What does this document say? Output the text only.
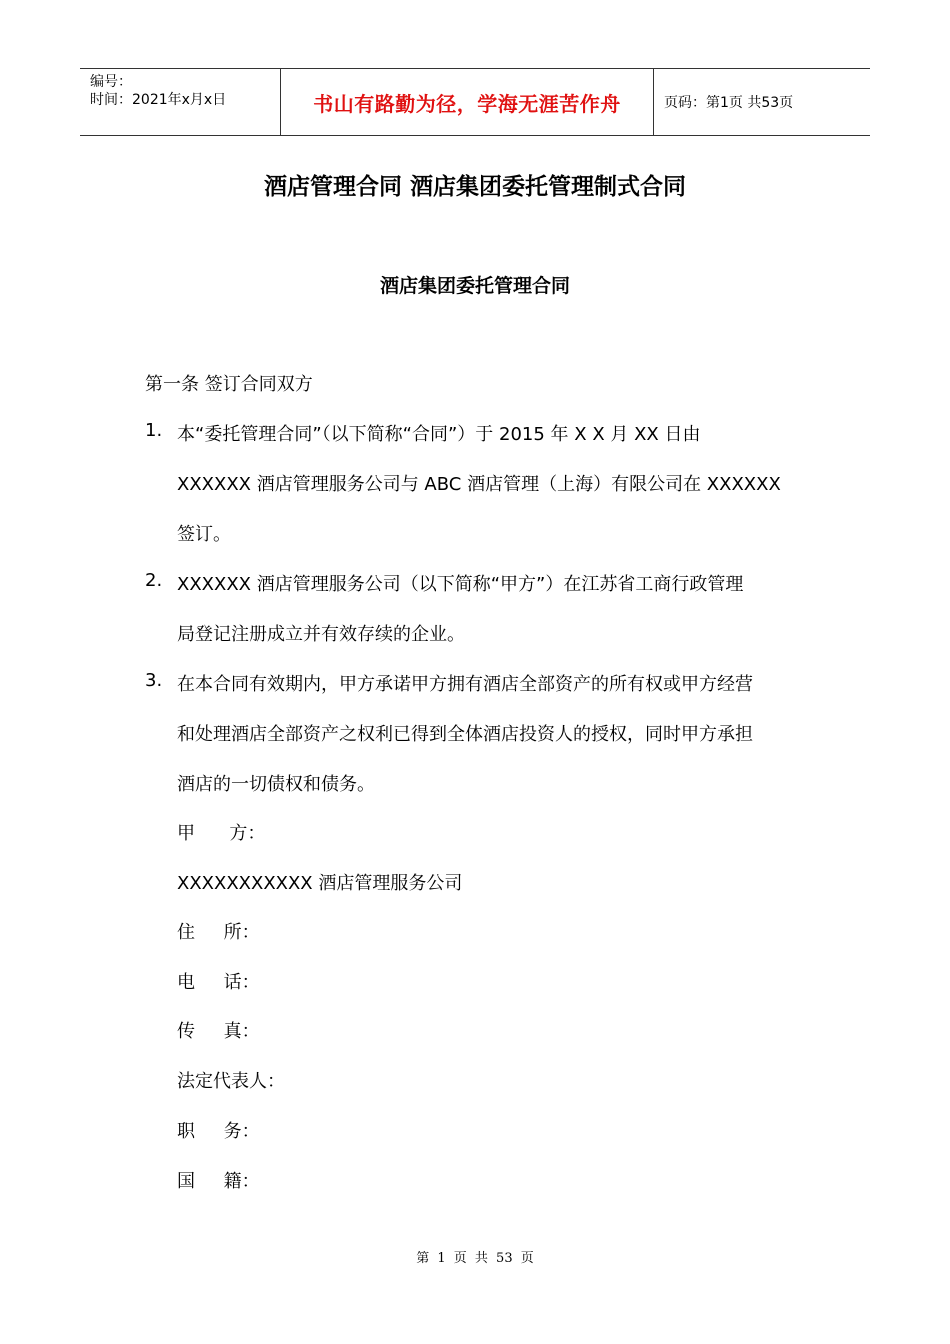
编号：
时间：2021年x月x日	书山有路勤为径，学海无涯苦作舟	页码：第1页 共53页
酒店管理合同 酒店集团委托管理制式合同
酒店集团委托管理合同
第一条 签订合同双方
1. 本“委托管理合同”（以下简称“合同”）于 2015 年 X X 月 XX 日由
XXXXXX 酒店管理服务公司与 ABC 酒店管理（上海）有限公司在 XXXXXX
签订。
2. XXXXXX 酒店管理服务公司（以下简称“甲方”）在江苏省工商行政管理
局登记注册成立并有效存续的企业。
3. 在本合同有效期内，甲方承诺甲方拥有酒店全部资产的所有权或甲方经营
和处理酒店全部资产之权利已得到全体酒店投资人的授权，同时甲方承担
酒店的一切债权和债务。
甲      方：
XXXXXXXXXXX 酒店管理服务公司
住     所：
电     话：
传     真：
法定代表人：
职     务：
国     籍：
第 1 页 共 53 页
